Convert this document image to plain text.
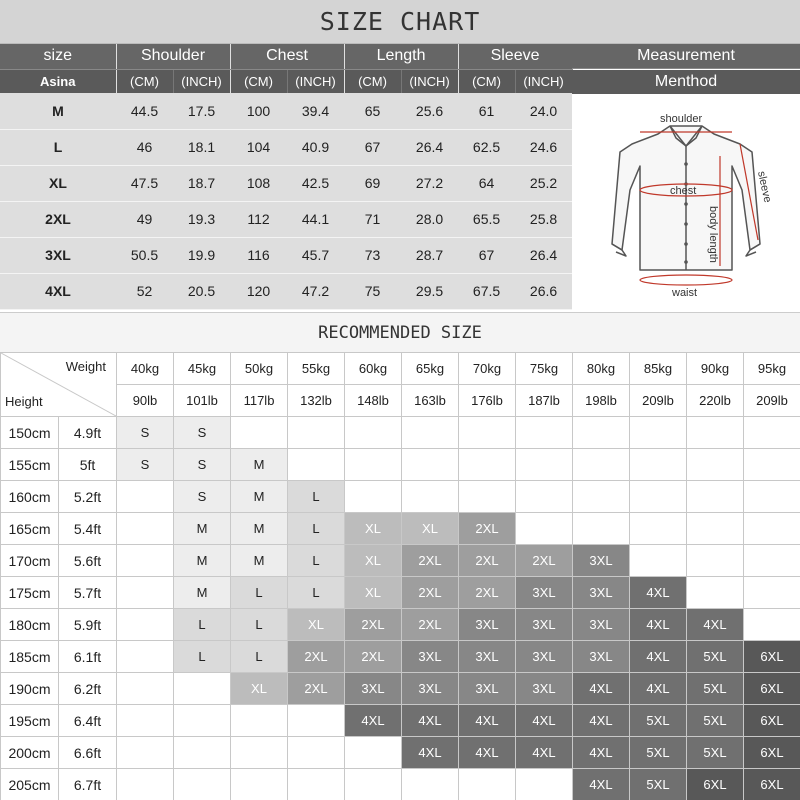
SIZE CHART
size	Shoulder		Chest		Length		Sleeve	
Asina	(CM)	(INCH)	(CM)	(INCH)	(CM)	(INCH)	(CM)	(INCH)
M	44.5	17.5	100	39.4	65	25.6	61	24.0
L	46	18.1	104	40.9	67	26.4	62.5	24.6
XL	47.5	18.7	108	42.5	69	27.2	64	25.2
2XL	49	19.3	112	44.1	71	28.0	65.5	25.8
3XL	50.5	19.9	116	45.7	73	28.7	67	26.4
4XL	52	20.5	120	47.2	75	29.5	67.5	26.6
Measurement
Menthod
shoulder
chest	sleeve
body length
waist
RECOMMENDED SIZE
Weight
Height		40kg	45kg	50kg	55kg	60kg	65kg	70kg	75kg	80kg	85kg	90kg	95kg
		90lb	101lb	117lb	132lb	148lb	163lb	176lb	187lb	198lb	209lb	220lb	209lb
150cm	4.9ft	S	S										
155cm	5ft	S	S	M									
160cm	5.2ft		S	M	L								
165cm	5.4ft		M	M	L	XL	XL	2XL					
170cm	5.6ft		M	M	L	XL	2XL	2XL	2XL	3XL			
175cm	5.7ft		M	L	L	XL	2XL	2XL	3XL	3XL	4XL		
180cm	5.9ft		L	L	XL	2XL	2XL	3XL	3XL	3XL	4XL	4XL	
185cm	6.1ft		L	L	2XL	2XL	3XL	3XL	3XL	3XL	4XL	5XL	6XL
190cm	6.2ft			XL	2XL	3XL	3XL	3XL	3XL	4XL	4XL	5XL	6XL
195cm	6.4ft					4XL	4XL	4XL	4XL	4XL	5XL	5XL	6XL
200cm	6.6ft						4XL	4XL	4XL	4XL	5XL	5XL	6XL
205cm	6.7ft									4XL	5XL	6XL	6XL
